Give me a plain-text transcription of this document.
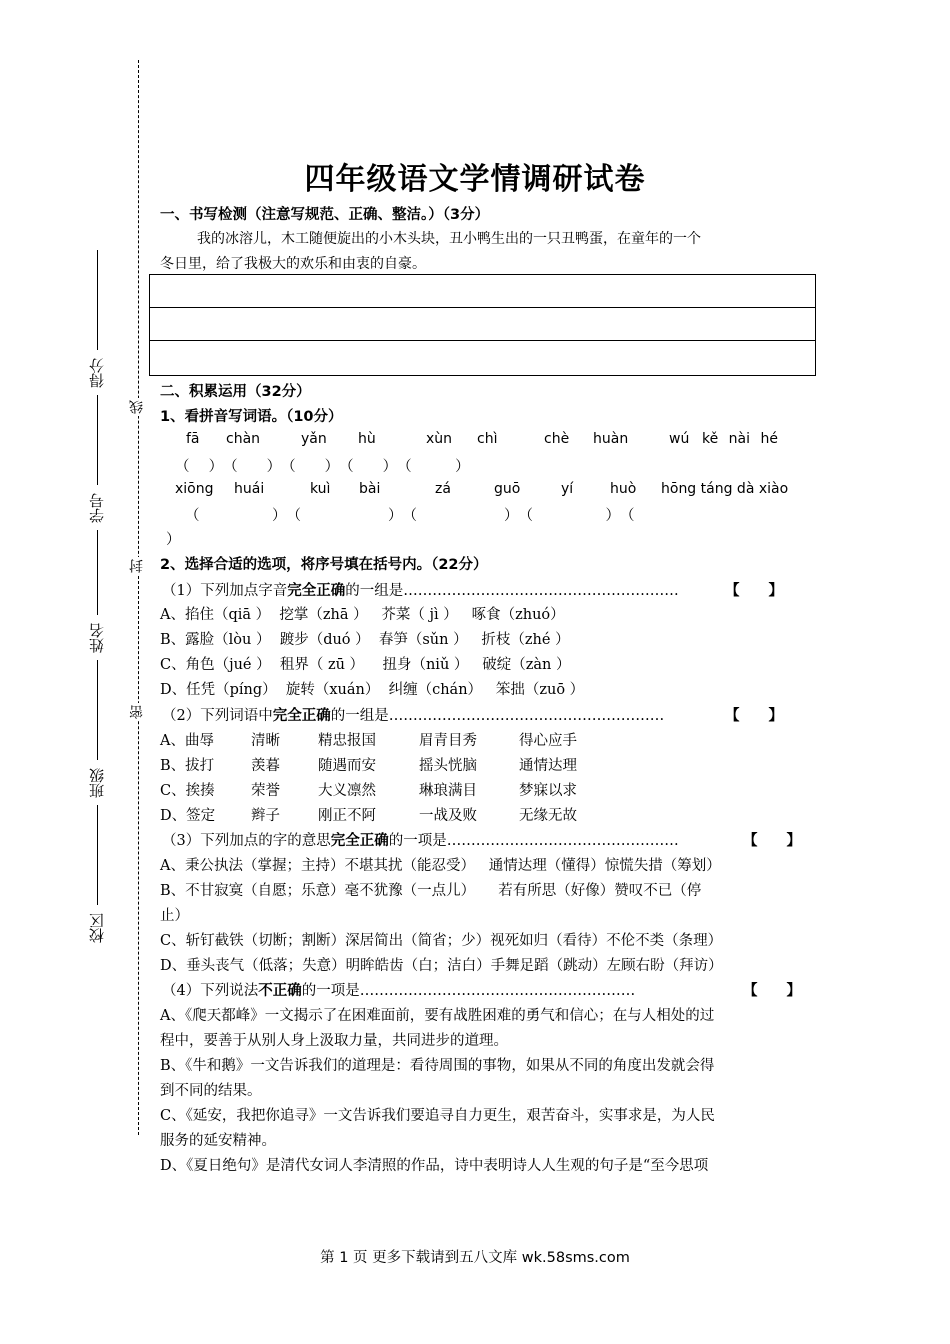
得分
学号
姓名
班级
校区
线
封
密
四年级语文学情调研试卷
一、书写检测（注意写规范、正确、整洁。）（3分）
我的冰溶儿，木工随便旋出的小木头块，丑小鸭生出的一只丑鸭蛋，在童年的一个
冬日里，给了我极大的欢乐和由衷的自豪。
二、积累运用（32分）
1、看拼音写词语。（10分）
fā chàn	yǎn hù	xùn chì	chè huàn	wú kě nài hé
（　 ）　（　　）　（　　）　（　　）　（　　　）
xiōng huái	kuì bài	zá	guō	yí	huò hōng táng dà xiào
（　　　　　）　（　　　　　　）　（　　　　　　）　（　　　　　）　（
）
2、选择合适的选项，将序号填在括号内。（22分）
（1）下列加点字音完全正确的一组是…………………………………………………	【　　】
A、掐住（qiā ）  挖掌（zhā ）   芥菜（ jì ）   啄食（zhuó）
B、露脸（lòu ）  踱步（duó ）  春笋（sǔn ）   折枝（zhé ）
C、角色（jué ）  租界（ zū ）    扭身（niǔ ）   破绽（zàn ）
D、任凭（píng）  旋转（xuán）  纠缠（chán）   笨拙（zuō ）
（2）下列词语中完全正确的一组是…………………………………………………	【　　】
A、曲辱	清晰	精忠报国	眉青目秀	得心应手
B、拔打	羡暮	随遇而安	摇头恍脑	通情达理
C、挨揍	荣誉	大义凛然	琳琅满目	梦寐以求
D、签定 辫子	刚正不阿	一战及败	无缘无故
（3）下列加点的字的意思完全正确的一项是…………………………………………	【　　】
A、秉公执法（掌握；主持）不堪其扰（能忍受）   通情达理（懂得）惊慌失措（筹划）
B、不甘寂寞（自愿；乐意）毫不犹豫（一点儿）     若有所思（好像）赞叹不已（停
止）
C、斩钉截铁（切断；割断）深居简出（简省；少）视死如归（看待）不伦不类（条理）
D、垂头丧气（低落；失意）明眸皓齿（白；洁白）手舞足蹈（跳动）左顾右盼（拜访）
（4）下列说法不正确的一项是…………………………………………………	【　　】
A、《爬天都峰》一文揭示了在困难面前，要有战胜困难的勇气和信心；在与人相处的过
程中，要善于从别人身上汲取力量，共同进步的道理。
B、《牛和鹅》一文告诉我们的道理是：看待周围的事物，如果从不同的角度出发就会得
到不同的结果。
C、《延安，我把你追寻》一文告诉我们要追寻自力更生，艰苦奋斗，实事求是，为人民
服务的延安精神。
D、《夏日绝句》是清代女词人李清照的作品，诗中表明诗人人生观的句子是“至今思项
第 1 页 更多下载请到五八文库 wk.58sms.com
